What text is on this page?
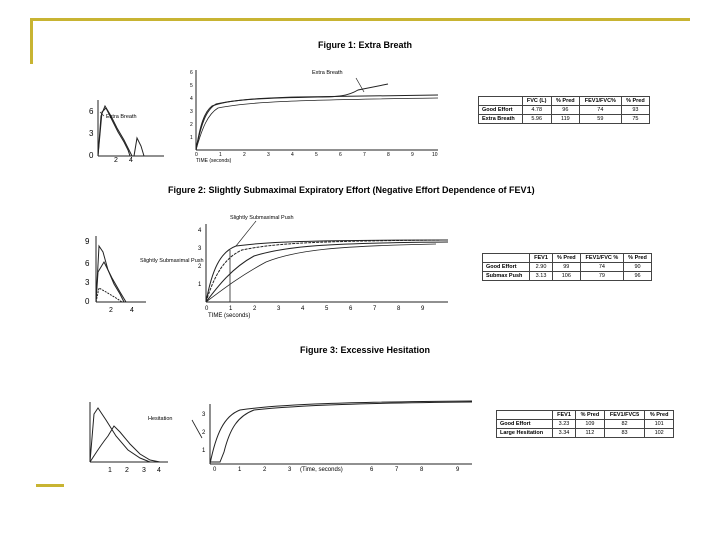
Figure 1: Extra Breath
6
3
0
2 4
Extra Breath
6
5
4
3
2
1
0	1	2	3	4	5	6	7	8	9	10
TIME (seconds)
Extra Breath
	FVC (L)	% Pred	FEV1/FVC%	% Pred
Good Effort	4.78	96	74	93
Extra Breath	5.96	119	59	75
Figure 2: Slightly Submaximal Expiratory Effort (Negative Effort Dependence of FEV1)
9
6
3
0
2 4
Slightly Submaximal Push
4
3
2
1
0	1	2	3	4	5	6	7	8	9
TIME (seconds)
Slightly Submaximal Push
	FEV1	% Pred	FEV1/FVC %	% Pred
Good Effort	2.90	99	74	90
Submax Push	3.13	106	79	96
Figure 3: Excessive Hesitation
1 2 3 4
Hesitation
3
2
1
0	1	2	3	6	7	8	9
(Time, seconds)
	FEV1	% Pred	FEV1/FVC5	% Pred
Good Effort	3.23	109	82	101
Large Hesitation	3.34	112	83	102
